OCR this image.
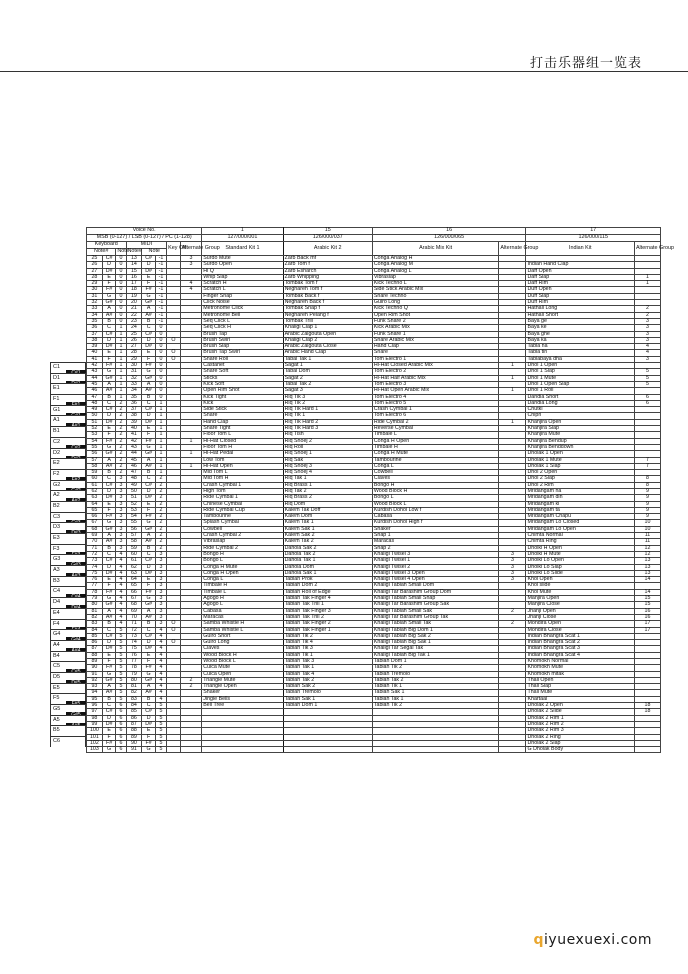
打击乐器组一览表
C1
D1
E1
F1
G1
A1
B1
C2
D2
E2
F2
G2
A2
B2
C3
D3
E3
F3
G3
A3
B3
C4
D4
E4
F4
G4
A4
B4
C5
D5
E5
F5
G5
A5
B5
C6
Voice No.								1	15	16		17	
MSB (0-127) / LSB (0-127) / PC (1-128)								127/000/001	126/000/037	126/000/065		126/000/115	
Keyboard			MIDI			Key Off	Alternate Group	Standard Kit 1	Arabic Kit 2	Arabic Mix Kit	Alternate Group	Indian Kit	Alternate Group
Note#		Note	Note#	Note									
25	C#	0	13	C#	-1		3	Surdo Mute	Zarb Back mf	Conga Analog H			
26	D	0	14	D	-1		3	Surdo Open	Zarb Tom f	Conga Analog M		Indian Hand Clap	
27	D#	0	15	D#	-1			Hi Q	Zarb Esharch	Conga Analog L		Daff Open	
28	E	0	16	E	-1			Whip Slap	Zarb Whipping	Vibraslap		Daff Slap	1
29	F	0	17	F	-1		4	Scratch H	Tombak Tom f	Kick Techno L		Daff Rim	1
30	F#	0	18	F#	-1		4	Scratch L	Neghareh Tom f	Side Stick Arabic Mix		Duff Open	
31	G	0	19	G	-1			Finger Snap	Tombak Back f	Snare Techno		Duff Slap	
32	G#	0	20	G#	-1			Click Noise	Neghareh Back f	Guiro Long		Duff Rim	
33	A	0	21	A	-1			Metronome Click	Tombak Snap f	Kick Techno Q		Hathali Long	2
34	A#	0	22	A#	-1			Metronome Bell	Neghareh Pelang f	Open Rim Shot		Hathali Short	2
35	B	0	23	B	-1			Seq Click L	Tombak Trill	Funk Snare 2		Baya ge	3
36	C	1	24	C	0			Seq Click H	Khaligi Clap 1	Kick Arabic Mix		Baya ke	3
37	C#	1	25	C#	0			Brush Tap	Arabic Zalgouta Open	Funk Snare 1		Baya ghe	3
38	D	1	26	D	0	O		Brush Swirl	Khaligi Clap 2	Snare Arabic Mix		Baya ka	3
39	D#	1	27	D#	0			Brush Slap	Arabic Zalgouta Close	Hand Clap		Tabla na	4
40	E	1	28	E	0	O		Brush Tap Swirl	Arabic Hand Clap	Snare		Tabla tin	4
41	F	1	29	F	0	O		Snare Roll	Tabal Tak 1	Tom Electro 1		Tablabaya dha	3
42	F#	1	30	F#	0			Castanet	Sagat 1	Hi-Hat Closed Arabic Mix	1	Dhol 1 Open	
43	G	1	31	G	0			Snare Soft	Tabal Dom	Tom Electro 2		Dhol 1 Slap	5
44	G#	1	32	G#	0			Sticks	Sagat 2	Hi-Hat Half Arabic Mix	1	Dhol 1 Mute	5
45	A	1	33	A	0			Kick Soft	Tabal Tak 2	Tom Electro 3		Dhol 1 Open Slap	5
46	A#	1	34	A#	0			Open Rim Shot	Sagat 3	Hi-Hat Open Arabic Mix	1	Dhol 1 Roll	
47	B	1	35	B	0			Kick Tight	Riq Tik 3	Tom Electro 4		Dandia Short	6
48	C	2	36	C	1			Kick	Riq Tik 2	Tom Electro 5		Dandia Long	6
49	C#	2	37	C#	1			Side Stick	Riq Tik Hard 1	Crash Cymbal 1		Chutki	
50	D	2	38	D	1			Snare	Riq Tik 1	Tom Electro 6		Chipri	
51	D#	2	39	D#	1			Hand Clap	Riq Tik Hard 2	Ride Cymbal 2	1	Khanjira Open	
52	E	2	40	E	1			Snare Tight	Riq Tik Hard 3	Reverse Cymbal		Khanjira Slap	
53	F	2	41	F	1			Floor Tom L	Riq Tish	Timbale L		Khanjira Mute	
54	F#	2	42	F#	1		1	Hi-Hat Closed	Riq Snoej 2	Conga H Open		Khanjira Bendup	
55	G	2	43	G	1			Floor Tom H	Riq Roll	Timbale H		Khanjira Benddown	
56	G#	2	44	G#	1		1	Hi-Hat Pedal	Riq Snoej 1	Conga H Mute		Dholak 1 Open	
57	A	2	45	A	1			Low Tom	Riq Sak	Tambourine		Dholak 1 Mute	7
58	A#	2	46	A#	1		1	Hi-Hat Open	Riq Snoej 3	Conga L		Dholak 1 Slap	7
59	B	2	47	B	1			Mid Tom L	Riq Snoej 4	Cowbell		Dhol 2 Open	
60	C	3	48	C	2			Mid Tom H	Riq Tak 1	Claves		Dhol 2 Slap	8
61	C#	3	49	C#	2			Crash Cymbal 1	Riq Brass 1	Bongo H		Dhol 2 Rim	8
62	D	3	50	D	2			High Tom	Riq Tak 2	Wood Block H		Mridangam na	9
63	D#	3	51	D#	2			Ride Cymbal 1	Riq Brass 2	Bongo L		Mridangam din	9
64	E	3	52	E	2			Chinese Cymbal	Riq Dom	Wood Block L		Mridangam ki	9
65	F	3	53	F	2			Ride Cymbal Cup	Kalem Tak Doff	Kurdish Dohol Low f		Mridangam ta	9
66	F#	3	54	F#	2			Tambourine	Kalem Dom	Cabasa		Mridangam Chapu	9
67	G	3	55	G	2			Splash Cymbal	Kalem Tak 1	Kurdish Dohol High f		Mridangam Lo Closed	10
68	G#	3	56	G#	2			Cowbell	Kalem Sak 1	Shaker		Mridangam Lo Open	10
69	A	3	57	A	2			Crash Cymbal 2	Kalem Sak 2	Snap 1		Chimta Normal	11
70	A#	3	58	A#	2			Vibraslap	Kalem Tak 2	Maracas		Chimta Ring	11
71	B	3	59	B	2			Ride Cymbal 2	Dahola Sak 2	Snap 2		Dholki H Open	12
72	C	4	60	C	3			Bongo H	Dahola Tak 2	Khaligi Twisel 3	3	Dholki H Mute	12
73	C#	4	61	C#	3			Bongo L	Dahola Tak 1	Khaligi Twisel 1	3	Dholki Lo Open	13
74	D	4	62	D	3			Conga H Mute	Dahola Dom	Khaligi Twisel 2	3	Dholki Lo Slap	13
75	D#	4	63	D#	3			Conga H Open	Dahola Sak 1	Khaligi Twisel 3 Open	3	Dholki Lo Slide	13
76	E	4	64	E	3			Conga L	Tablah Prok	Khaligi Twisel 4 Open	3	Khol Open	14
77	F	4	65	F	3			Timbale H	Tablah Dom 2	Khaligi Tablah Small Dom		Khol slide	
78	F#	4	66	F#	3			Timbale L	Tablah Roll of Edge	Khaligi Tar Barashim Group Dom		Khol Mute	14
79	G	4	67	G	3			Agogo H	Tablah Tak Finger 4	Khaligi Tablah Small Snap		Manjira Open	15
80	G#	4	68	G#	3			Agogo L	Tablah Tak Trill 1	Khaligi Tar Barashim Group Sak		Manjira Close	15
81	A	4	69	A	3			Cabasa	Tablah Tak Finger 3	Khaligi Tablah Small Sak	2	Jhanji Open	16
82	A#	4	70	A#	3			Maracas	Tablah Tak Trill 2	Khaligi Tar Barashim Group Tak		Jhanji Close	16
83	B	4	71	B	3	O		Samba Whistle H	Tablah Tak Finger 2	Khaligi Tablah Small Tak	2	Mondira Open	17
84	C	5	72	C	4	O		Samba Whistle L	Tablah Tak Finger 1	Khaligi Tablah Big Dom 1		Mondira Close	17
85	C#	5	73	C#	4			Guiro Short	Tablah Tik 2	Khaligi Tablah Big Sak 2		Indian Bhangra Scat 1	
86	D	5	74	D	4	O		Guiro Long	Tablah Tik 4	Khaligi Tablah Big Sak 1		Indian Bhangra Scat 2	
87	D#	5	75	D#	4			Claves	Tablah Tik 3	Khaligi Tar Segal Tak		Indian Bhangra Scat 3	
88	E	5	76	E	4			Wood Block H	Tablah Tik 1	Khaligi Tablah Big Tak 1		Indian Bhangra Scat 4	
89	F	5	77	F	4			Wood Block L	Tablah Tak 3	Tablah Dom 1		Khomokh Normal	
90	F#	5	78	F#	4			Cuica Mute	Tablah Tak 1	Tablah Tik 2		Khomokh Mute	
91	G	5	79	G	4			Cuica Open	Tablah Tak 4	Tablah Tremolo		Khomokh mitak	
92	G#	5	80	G#	4		2	Triangle Mute	Tablah Tak 2	Tablah Tak 2		Thali Open	
93	A	5	81	A	4		2	Triangle Open	Tablah Sak 2	Tablah Tik 1		Thali Slap	
94	A#	5	82	A#	4			Shaker	Tablah Tremolo	Tablah Sak 1		Thali Mute	
95	B	5	83	B	4			Jingle Bells	Tablah Sak 1	Tablah Tak 1		Khartaal	
96	C	6	84	C	5			Bell Tree	Tablah Dom 1	Tablah Tik 2		Dholak 2 Open	18
97	C#	6	85	C#	5							Dholak 2 Slide	18
98	D	6	86	D	5							Dholak 2 Rim 1	
99	D#	6	87	D#	5							Dholak 2 Rim 2	
100	E	6	88	E	5							Dholak 2 Rim 3	
101	F	6	89	F	5							Dholak 2 Ring	
102	F#	6	90	F#	5							Dholak 2 Slap	
103	G	6	91	G	5							G Dholak Body	
qiyuexuexi.com
